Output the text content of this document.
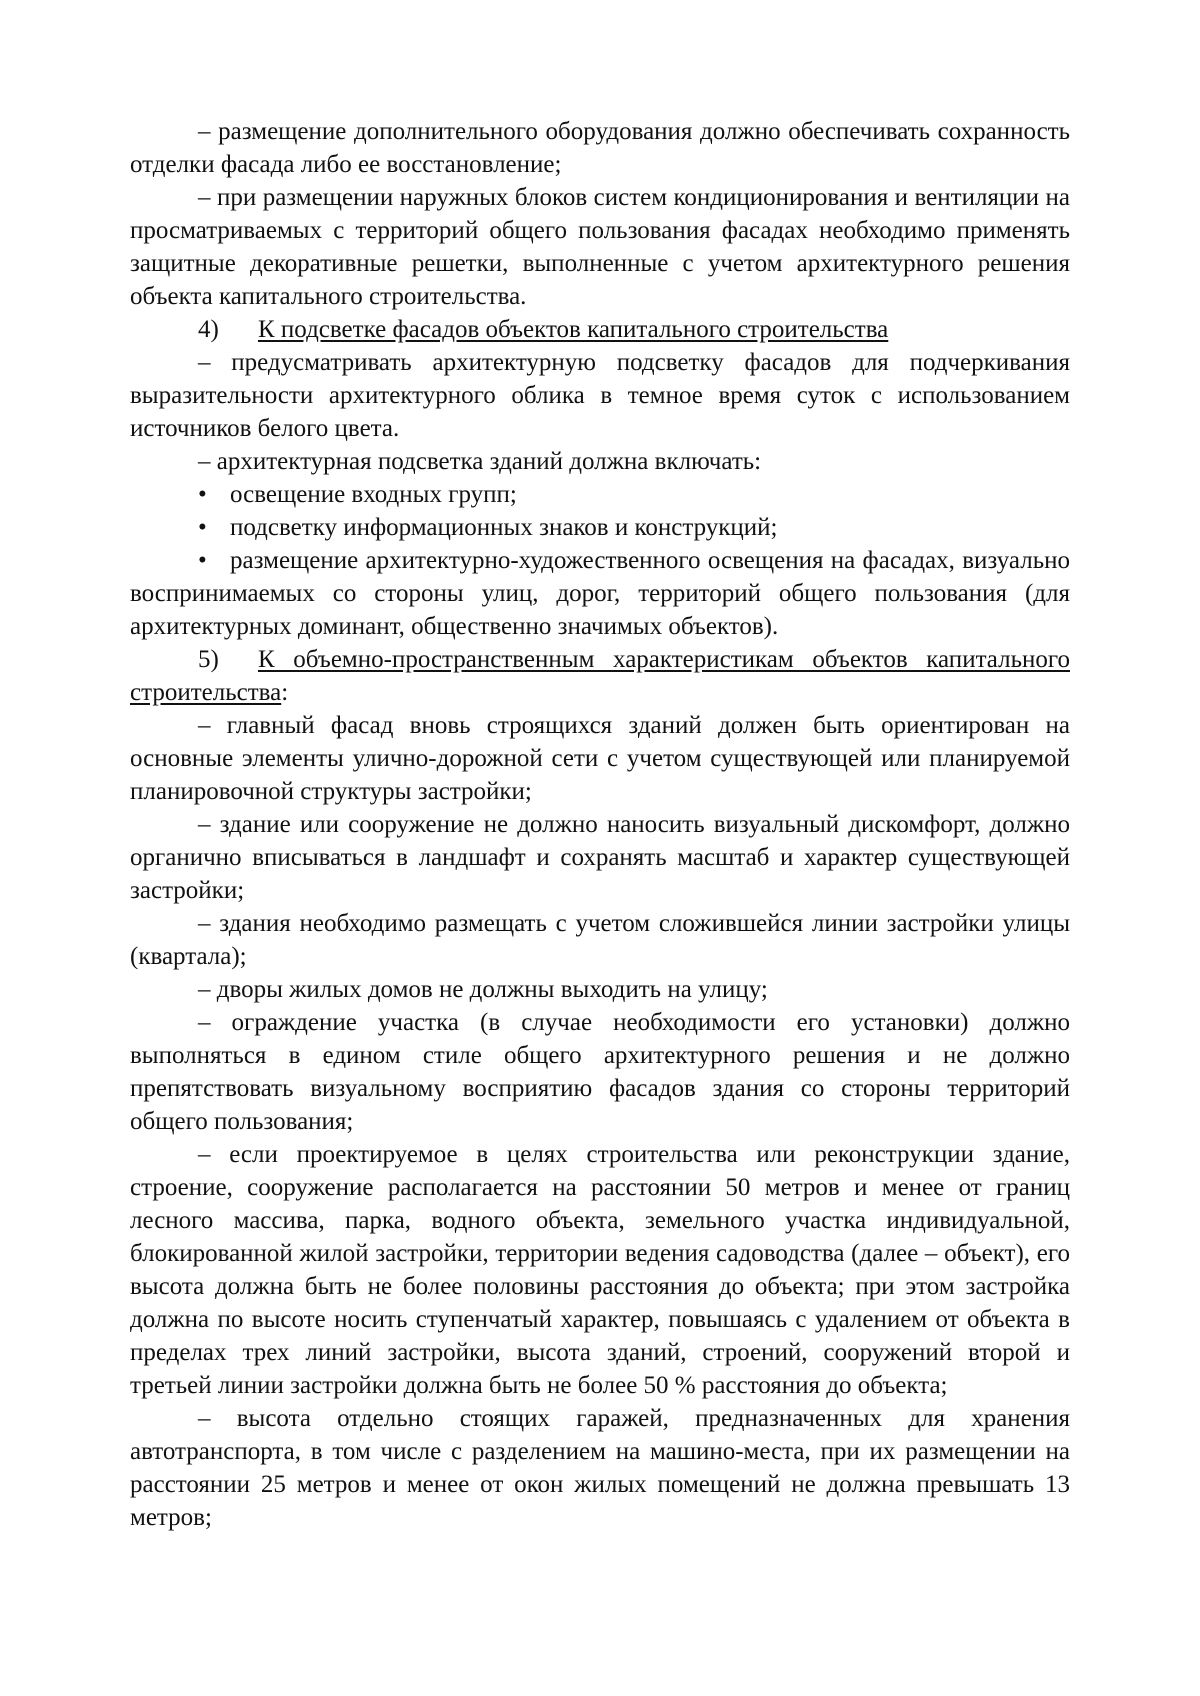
– размещение дополнительного оборудования должно обеспечивать сохранность отделки фасада либо ее восстановление;

– при размещении наружных блоков систем кондиционирования и вентиляции на просматриваемых с территорий общего пользования фасадах необходимо применять защитные декоративные решетки, выполненные с учетом архитектурного решения объекта капитального строительства.

4) К подсветке фасадов объектов капитального строительства

– предусматривать архитектурную подсветку фасадов для подчеркивания выразительности архитектурного облика в темное время суток с использованием источников белого цвета.

– архитектурная подсветка зданий должна включать:

• освещение входных групп;

• подсветку информационных знаков и конструкций;

• размещение архитектурно-художественного освещения на фасадах, визуально воспринимаемых со стороны улиц, дорог, территорий общего пользования (для архитектурных доминант, общественно значимых объектов).

5) К объемно-пространственным характеристикам объектов капитального строительства:

– главный фасад вновь строящихся зданий должен быть ориентирован на основные элементы улично-дорожной сети с учетом существующей или планируемой планировочной структуры застройки;

– здание или сооружение не должно наносить визуальный дискомфорт, должно органично вписываться в ландшафт и сохранять масштаб и характер существующей застройки;

– здания необходимо размещать с учетом сложившейся линии застройки улицы (квартала);

– дворы жилых домов не должны выходить на улицу;

– ограждение участка (в случае необходимости его установки) должно выполняться в едином стиле общего архитектурного решения и не должно препятствовать визуальному восприятию фасадов здания со стороны территорий общего пользования;

– если проектируемое в целях строительства или реконструкции здание, строение, сооружение располагается на расстоянии 50 метров и менее от границ лесного массива, парка, водного объекта, земельного участка индивидуальной, блокированной жилой застройки, территории ведения садоводства (далее – объект), его высота должна быть не более половины расстояния до объекта; при этом застройка должна по высоте носить ступенчатый характер, повышаясь с удалением от объекта в пределах трех линий застройки, высота зданий, строений, сооружений второй и третьей линии застройки должна быть не более 50 % расстояния до объекта;

– высота отдельно стоящих гаражей, предназначенных для хранения автотранспорта, в том числе с разделением на машино-места, при их размещении на расстоянии 25 метров и менее от окон жилых помещений не должна превышать 13 метров;
